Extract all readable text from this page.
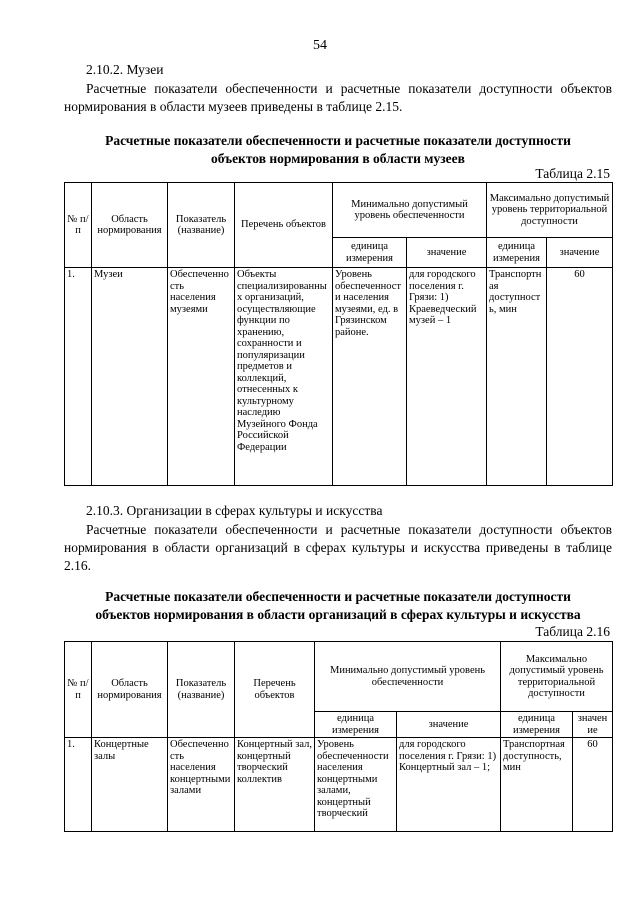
54
2.10.2. Музеи
Расчетные показатели обеспеченности и расчетные показатели доступности объектов нормирования в области музеев приведены в таблице 2.15.
Расчетные показатели обеспеченности и расчетные показатели доступности
объектов нормирования в области музеев
Таблица 2.15
№ п/п	Область нормирования	Показатель (название)	Перечень объектов	Минимально допустимый уровень обеспеченности		Максимально допустимый уровень территориальной доступности	
				единица измерения	значение	единица измерения	значение
1.	Музеи	Обеспеченность населения музеями	Объекты специализированных организаций, осуществляющие функции по хранению, сохранности и популяризации предметов и коллекций, отнесенных к культурному наследию Музейного Фонда Российской Федерации	Уровень обеспеченности населения музеями, ед. в Грязинском районе.	для городского поселения г. Грязи: 1) Краеведческий музей – 1	Транспортная доступность, мин	60
2.10.3. Организации в сферах культуры и искусства
Расчетные показатели обеспеченности и расчетные показатели доступности объектов нормирования в области организаций в сферах культуры и искусства приведены в таблице 2.16.
Расчетные показатели обеспеченности и расчетные показатели доступности
объектов нормирования в области организаций в сферах культуры и искусства
Таблица 2.16
№ п/п	Область нормирования	Показатель (название)	Перечень объектов	Минимально допустимый уровень обеспеченности		Максимально допустимый уровень территориальной доступности	
				единица измерения	значение	единица измерения	значение
1.	Концертные залы	Обеспеченность населения концертными залами	Концертный зал, концертный творческий коллектив	Уровень обеспеченности населения концертными залами, концертный творческий	для городского поселения г. Грязи: 1) Концертный зал – 1;	Транспортная доступность, мин	60
